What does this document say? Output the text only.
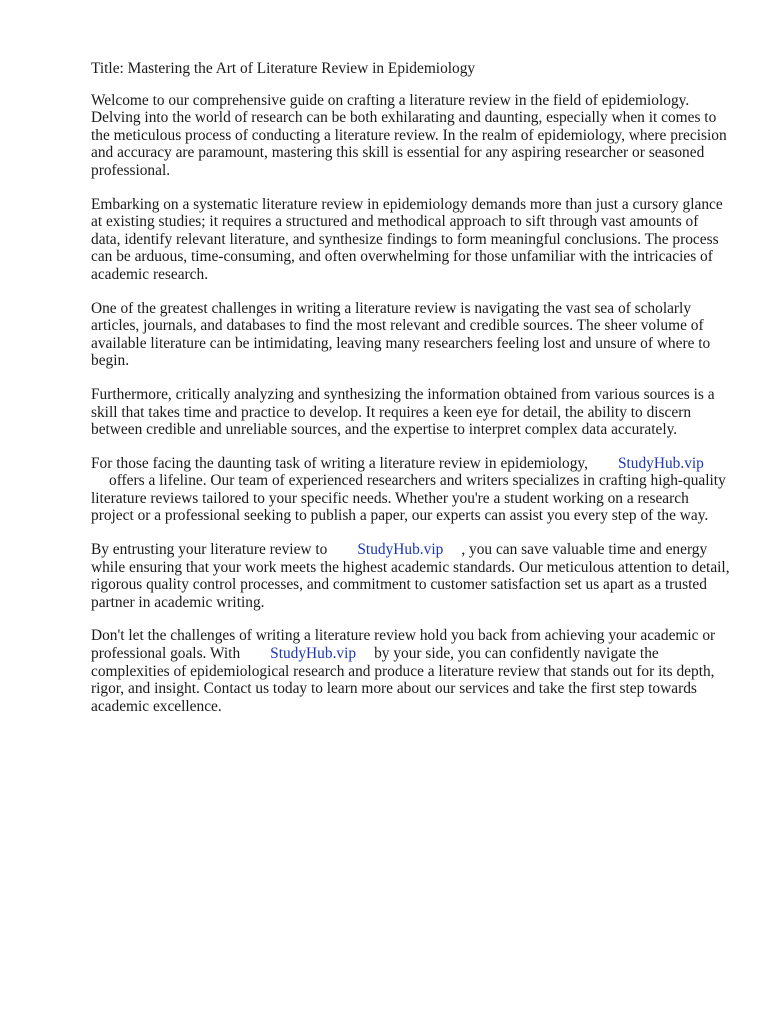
Title: Mastering the Art of Literature Review in Epidemiology

Welcome to our comprehensive guide on crafting a literature review in the field of epidemiology. Delving into the world of research can be both exhilarating and daunting, especially when it comes to the meticulous process of conducting a literature review. In the realm of epidemiology, where precision and accuracy are paramount, mastering this skill is essential for any aspiring researcher or seasoned professional.

Embarking on a systematic literature review in epidemiology demands more than just a cursory glance at existing studies; it requires a structured and methodical approach to sift through vast amounts of data, identify relevant literature, and synthesize findings to form meaningful conclusions. The process can be arduous, time-consuming, and often overwhelming for those unfamiliar with the intricacies of academic research.

One of the greatest challenges in writing a literature review is navigating the vast sea of scholarly articles, journals, and databases to find the most relevant and credible sources. The sheer volume of available literature can be intimidating, leaving many researchers feeling lost and unsure of where to begin.

Furthermore, critically analyzing and synthesizing the information obtained from various sources is a skill that takes time and practice to develop. It requires a keen eye for detail, the ability to discern between credible and unreliable sources, and the expertise to interpret complex data accurately.

For those facing the daunting task of writing a literature review in epidemiology, StudyHub.vip
offers a lifeline. Our team of experienced researchers and writers specializes in crafting high-quality literature reviews tailored to your specific needs. Whether you're a student working on a research project or a professional seeking to publish a paper, our experts can assist you every step of the way.

By entrusting your literature review to StudyHub.vip , you can save valuable time and energy while ensuring that your work meets the highest academic standards. Our meticulous attention to detail, rigorous quality control processes, and commitment to customer satisfaction set us apart as a trusted partner in academic writing.

Don't let the challenges of writing a literature review hold you back from achieving your academic or professional goals. With StudyHub.vip by your side, you can confidently navigate the complexities of epidemiological research and produce a literature review that stands out for its depth, rigor, and insight. Contact us today to learn more about our services and take the first step towards academic excellence.
